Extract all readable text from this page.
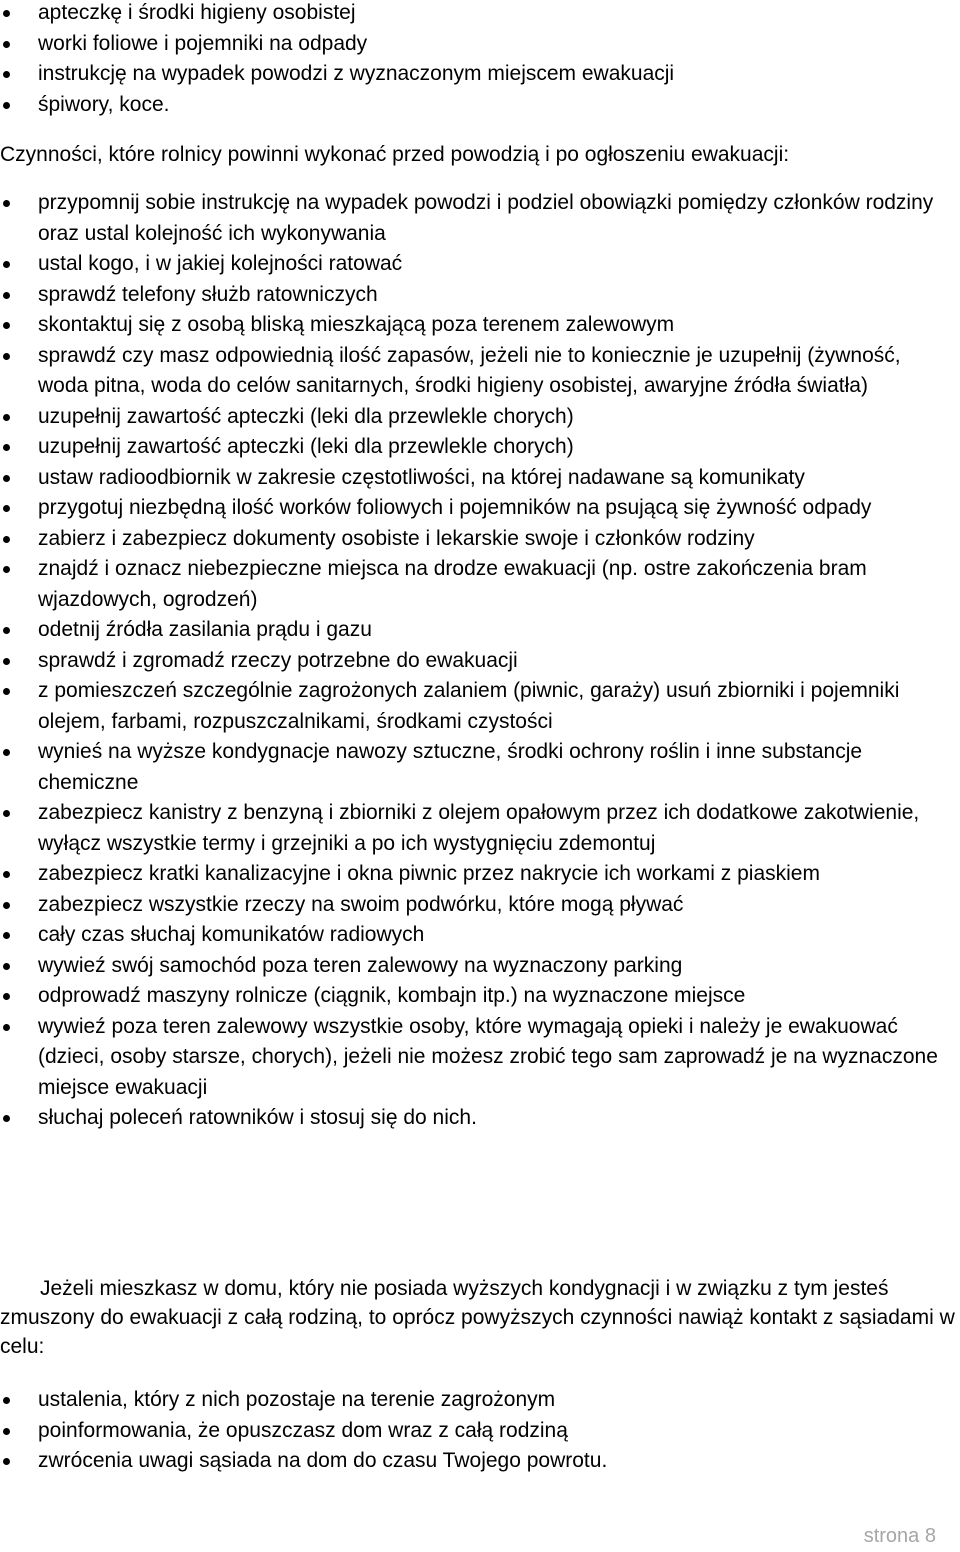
apteczkę i środki higieny osobistej
worki foliowe i pojemniki na odpady
instrukcję na wypadek powodzi z wyznaczonym miejscem ewakuacji
śpiwory, koce.

Czynności, które rolnicy powinni wykonać przed powodzią i po ogłoszeniu ewakuacji:

przypomnij sobie instrukcję na wypadek powodzi i podziel obowiązki pomiędzy członków rodziny oraz ustal kolejność ich wykonywania
ustal kogo, i w jakiej kolejności ratować
sprawdź telefony służb ratowniczych
skontaktuj się z osobą bliską mieszkającą poza terenem zalewowym
sprawdź czy masz odpowiednią ilość zapasów, jeżeli nie to koniecznie je uzupełnij (żywność, woda pitna, woda do celów sanitarnych, środki higieny osobistej, awaryjne źródła światła)
uzupełnij zawartość apteczki (leki dla przewlekle chorych)
uzupełnij zawartość apteczki (leki dla przewlekle chorych)
ustaw radioodbiornik w zakresie częstotliwości, na której nadawane są komunikaty
przygotuj niezbędną ilość worków foliowych i pojemników na psującą się żywność odpady
zabierz i zabezpiecz dokumenty osobiste i lekarskie swoje i członków rodziny
znajdź i oznacz niebezpieczne miejsca na drodze ewakuacji (np. ostre zakończenia bram wjazdowych, ogrodzeń)
odetnij źródła zasilania prądu i gazu
sprawdź i zgromadź rzeczy potrzebne do ewakuacji
z pomieszczeń szczególnie zagrożonych zalaniem (piwnic, garaży) usuń zbiorniki i pojemniki olejem, farbami, rozpuszczalnikami, środkami czystości
wynieś na wyższe kondygnacje nawozy sztuczne, środki ochrony roślin i inne substancje chemiczne
zabezpiecz kanistry z benzyną i zbiorniki z olejem opałowym przez ich dodatkowe zakotwienie, wyłącz wszystkie termy i grzejniki a po ich wystygnięciu zdemontuj
zabezpiecz kratki kanalizacyjne i okna piwnic przez nakrycie ich workami z piaskiem
zabezpiecz wszystkie rzeczy na swoim podwórku, które mogą pływać
cały czas słuchaj komunikatów radiowych
wywieź swój samochód poza teren zalewowy na wyznaczony parking
odprowadź maszyny rolnicze (ciągnik, kombajn itp.) na wyznaczone miejsce
wywieź poza teren zalewowy wszystkie osoby, które wymagają opieki i należy je ewakuować (dzieci, osoby starsze, chorych), jeżeli nie możesz zrobić tego sam zaprowadź je na wyznaczone miejsce ewakuacji
słuchaj poleceń ratowników i stosuj się do nich.

Jeżeli mieszkasz w domu, który nie posiada wyższych kondygnacji i w związku z tym jesteś zmuszony do ewakuacji z całą rodziną, to oprócz powyższych czynności nawiąż kontakt z sąsiadami w celu:

ustalenia, który z nich pozostaje na terenie zagrożonym
poinformowania, że opuszczasz dom wraz z całą rodziną
zwrócenia uwagi sąsiada na dom do czasu Twojego powrotu.
strona 8
